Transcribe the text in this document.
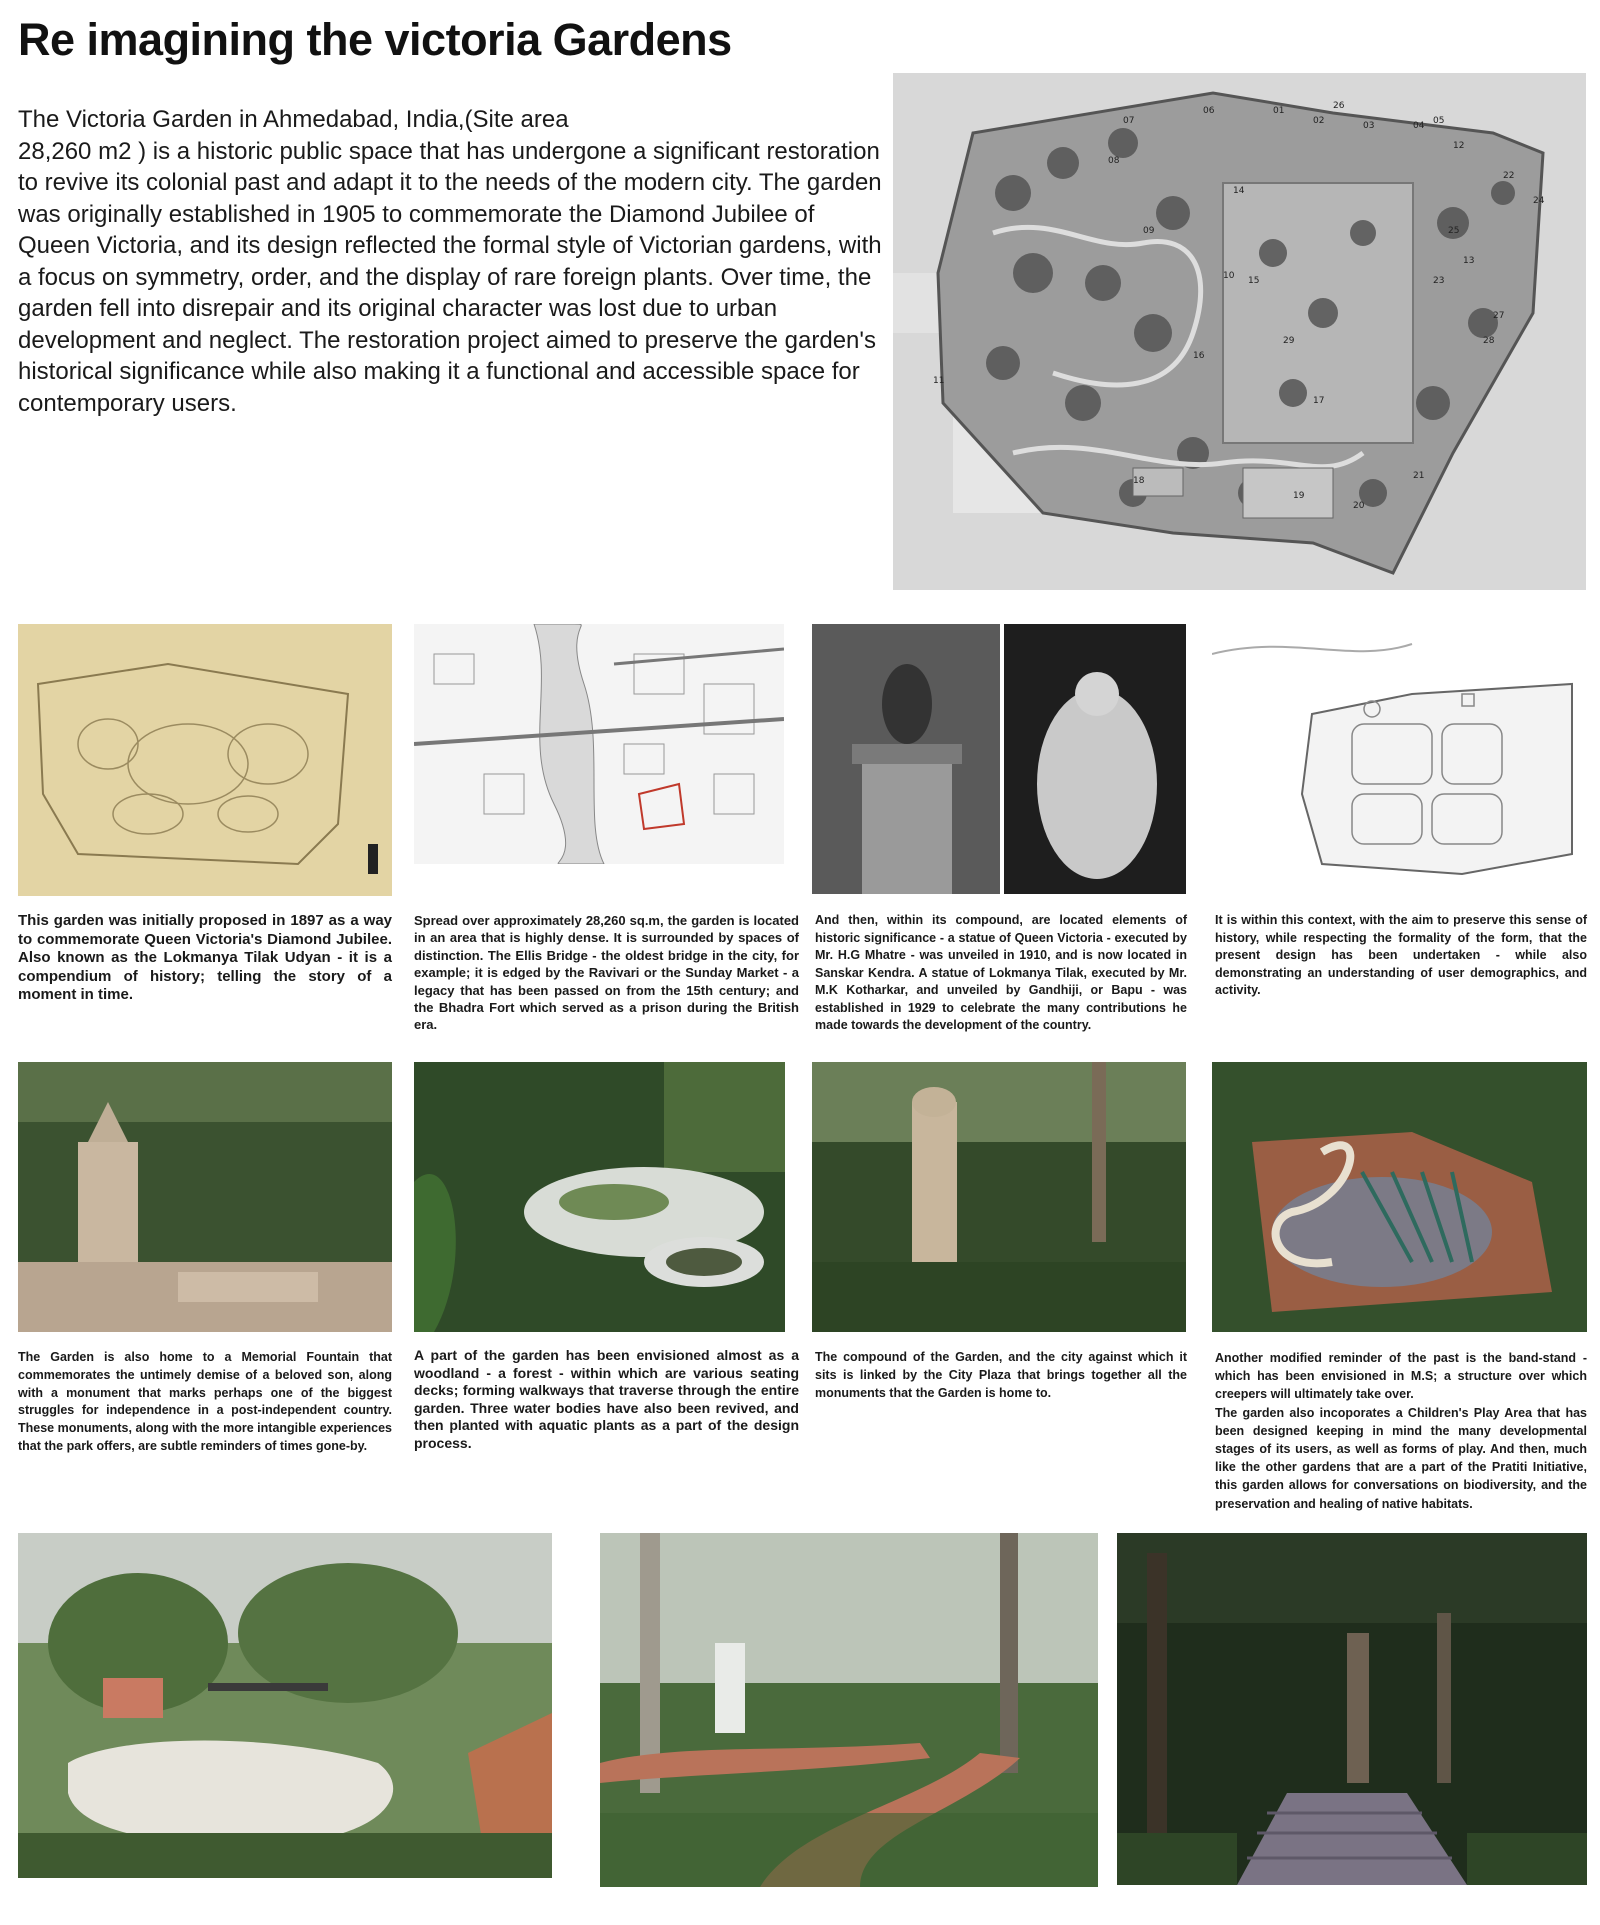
Re imagining the victoria Gardens
The Victoria Garden in Ahmedabad, India,(Site area
28,260 m2 ) is a historic public space that has undergone a significant restoration to revive its colonial past and adapt it to the needs of the modern city. The garden was originally established in 1905 to commemorate the Diamond Jubilee of Queen Victoria, and its design reflected the formal style of Victorian gardens, with a focus on symmetry, order, and the display of rare foreign plants. Over time, the garden fell into disrepair and its original character was lost due to urban development and neglect. The restoration project aimed to preserve the garden's historical significance while also making it a functional and accessible space for contemporary users.
01
02	03	04 05
06
07
08
09
10
11
12
13
14
15
16
17
18
19
20
21
22
23
24
25
26
27
28
29
This garden was initially proposed in 1897 as a way to commemorate Queen Victoria's Diamond Jubilee. Also known as the Lokmanya Tilak Udyan - it is a compendium of history; telling the story of a moment in time.
Spread over approximately 28,260 sq.m, the garden is located in an area that is highly dense. It is surrounded by spaces of distinction. The Ellis Bridge - the oldest bridge in the city, for example; it is edged by the Ravivari or the Sunday Market - a legacy that has been passed on from the 15th century; and the Bhadra Fort which served as a prison during the British era.
And then, within its compound, are located elements of historic significance - a statue of Queen Victoria - executed by Mr. H.G Mhatre - was unveiled in 1910, and is now located in Sanskar Kendra. A statue of Lokmanya Tilak, executed by Mr. M.K Kotharkar, and unveiled by Gandhiji, or Bapu - was established in 1929 to celebrate the many contributions he made towards the development of the country.
It is within this context, with the aim to preserve this sense of history, while respecting the formality of the form, that the present design has been undertaken - while also demonstrating an understanding of user demographics, and activity.
The Garden is also home to a Memorial Fountain that commemorates the untimely demise of a beloved son, along with a monument that marks perhaps one of the biggest struggles for independence in a post-independent country. These monuments, along with the more intangible experiences that the park offers, are subtle reminders of times gone-by.
A part of the garden has been envisioned almost as a woodland - a forest - within which are various seating decks; forming walkways that traverse through the entire garden. Three water bodies have also been revived, and then planted with aquatic plants as a part of the design process.
The compound of the Garden, and the city against which it sits is linked by the City Plaza that brings together all the monuments that the Garden is home to.
Another modified reminder of the past is the band-stand - which has been envisioned in M.S; a structure over which creepers will ultimately take over.
The garden also incoporates a Children's Play Area that has been designed keeping in mind the many developmental stages of its users, as well as forms of play. And then, much like the other gardens that are a part of the Pratiti Initiative, this garden allows for conversations on biodiversity, and the preservation and healing of native habitats.
